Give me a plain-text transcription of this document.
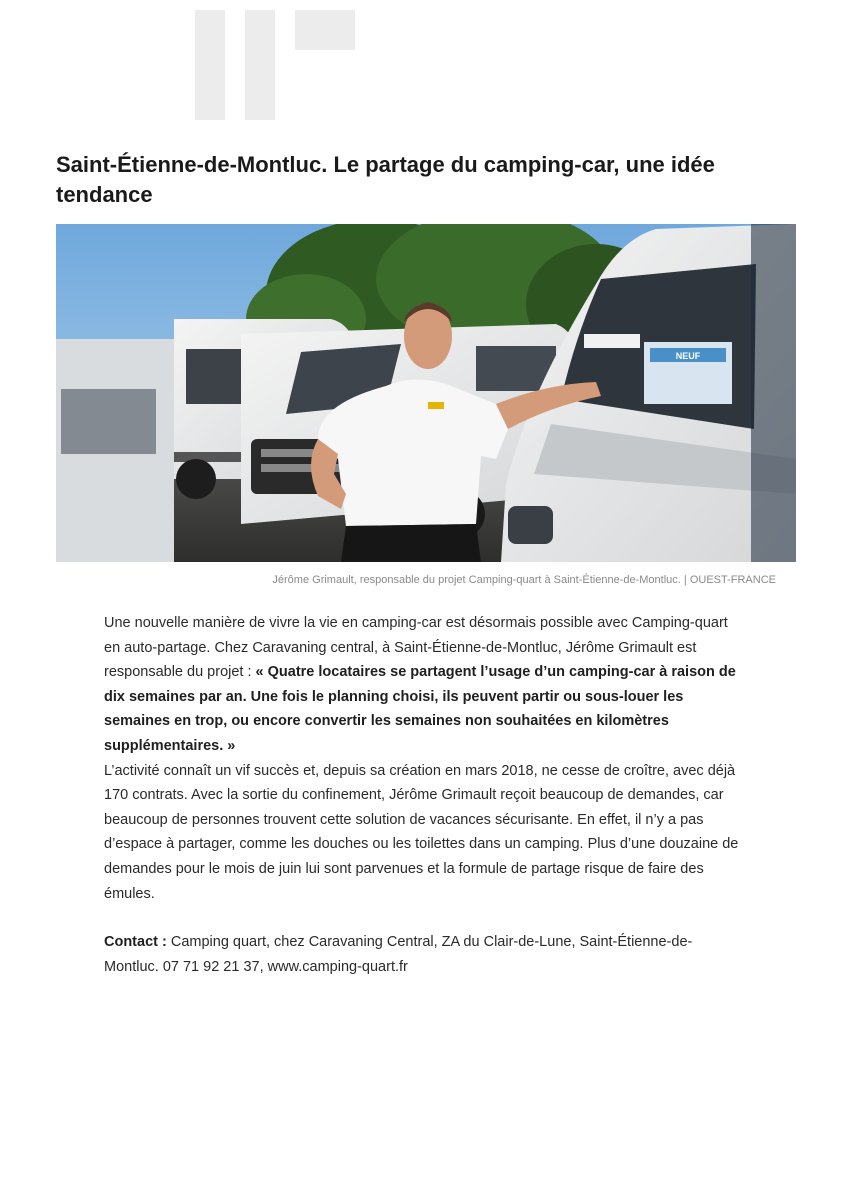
Saint-Étienne-de-Montluc. Le partage du camping-car, une idée tendance
NEUF
Jérôme Grimault, responsable du projet Camping-quart à Saint-Étienne-de-Montluc. | OUEST-FRANCE

Une nouvelle manière de vivre la vie en camping-car est désormais possible avec Camping-quart en auto-partage. Chez Caravaning central, à Saint-Étienne-de-Montluc, Jérôme Grimault est responsable du projet : « Quatre locataires se partagent l’usage d’un camping-car à raison de dix semaines par an. Une fois le planning choisi, ils peuvent partir ou sous-louer les semaines en trop, ou encore convertir les semaines non souhaitées en kilomètres supplémentaires. »

L’activité connaît un vif succès et, depuis sa création en mars 2018, ne cesse de croître, avec déjà 170 contrats. Avec la sortie du confinement, Jérôme Grimault reçoit beaucoup de demandes, car beaucoup de personnes trouvent cette solution de vacances sécurisante. En effet, il n’y a pas d’espace à partager, comme les douches ou les toilettes dans un camping. Plus d’une douzaine de demandes pour le mois de juin lui sont parvenues et la formule de partage risque de faire des émules.

Contact : Camping quart, chez Caravaning Central, ZA du Clair-de-Lune, Saint-Étienne-de-Montluc. 07 71 92 21 37, www.camping-quart.fr
